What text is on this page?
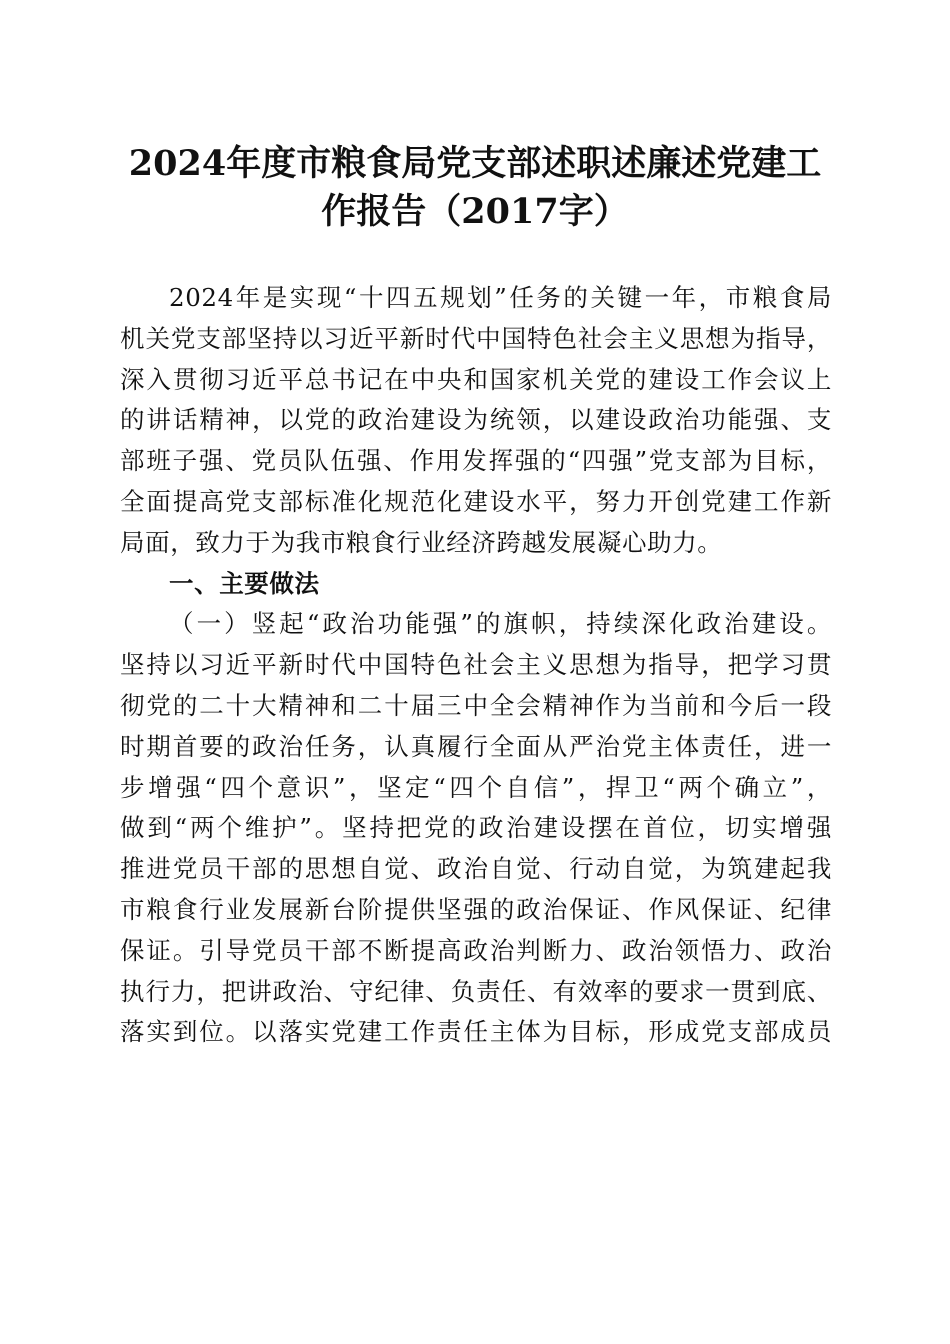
2024年度市粮食局党支部述职述廉述党建工
作报告（2017字）
2024年是实现“十四五规划”任务的关键一年，市粮食局
机关党支部坚持以习近平新时代中国特色社会主义思想为指导，
深入贯彻习近平总书记在中央和国家机关党的建设工作会议上
的讲话精神，以党的政治建设为统领，以建设政治功能强、支
部班子强、党员队伍强、作用发挥强的“四强”党支部为目标，
全面提高党支部标准化规范化建设水平，努力开创党建工作新
局面，致力于为我市粮食行业经济跨越发展凝心助力。
一、主要做法
（一）竖起“政治功能强”的旗帜，持续深化政治建设。
坚持以习近平新时代中国特色社会主义思想为指导，把学习贯
彻党的二十大精神和二十届三中全会精神作为当前和今后一段
时期首要的政治任务，认真履行全面从严治党主体责任，进一
步增强“四个意识”，坚定“四个自信”，捍卫“两个确立”，
做到“两个维护”。坚持把党的政治建设摆在首位，切实增强
推进党员干部的思想自觉、政治自觉、行动自觉，为筑建起我
市粮食行业发展新台阶提供坚强的政治保证、作风保证、纪律
保证。引导党员干部不断提高政治判断力、政治领悟力、政治
执行力，把讲政治、守纪律、负责任、有效率的要求一贯到底、
落实到位。以落实党建工作责任主体为目标，形成党支部成员
